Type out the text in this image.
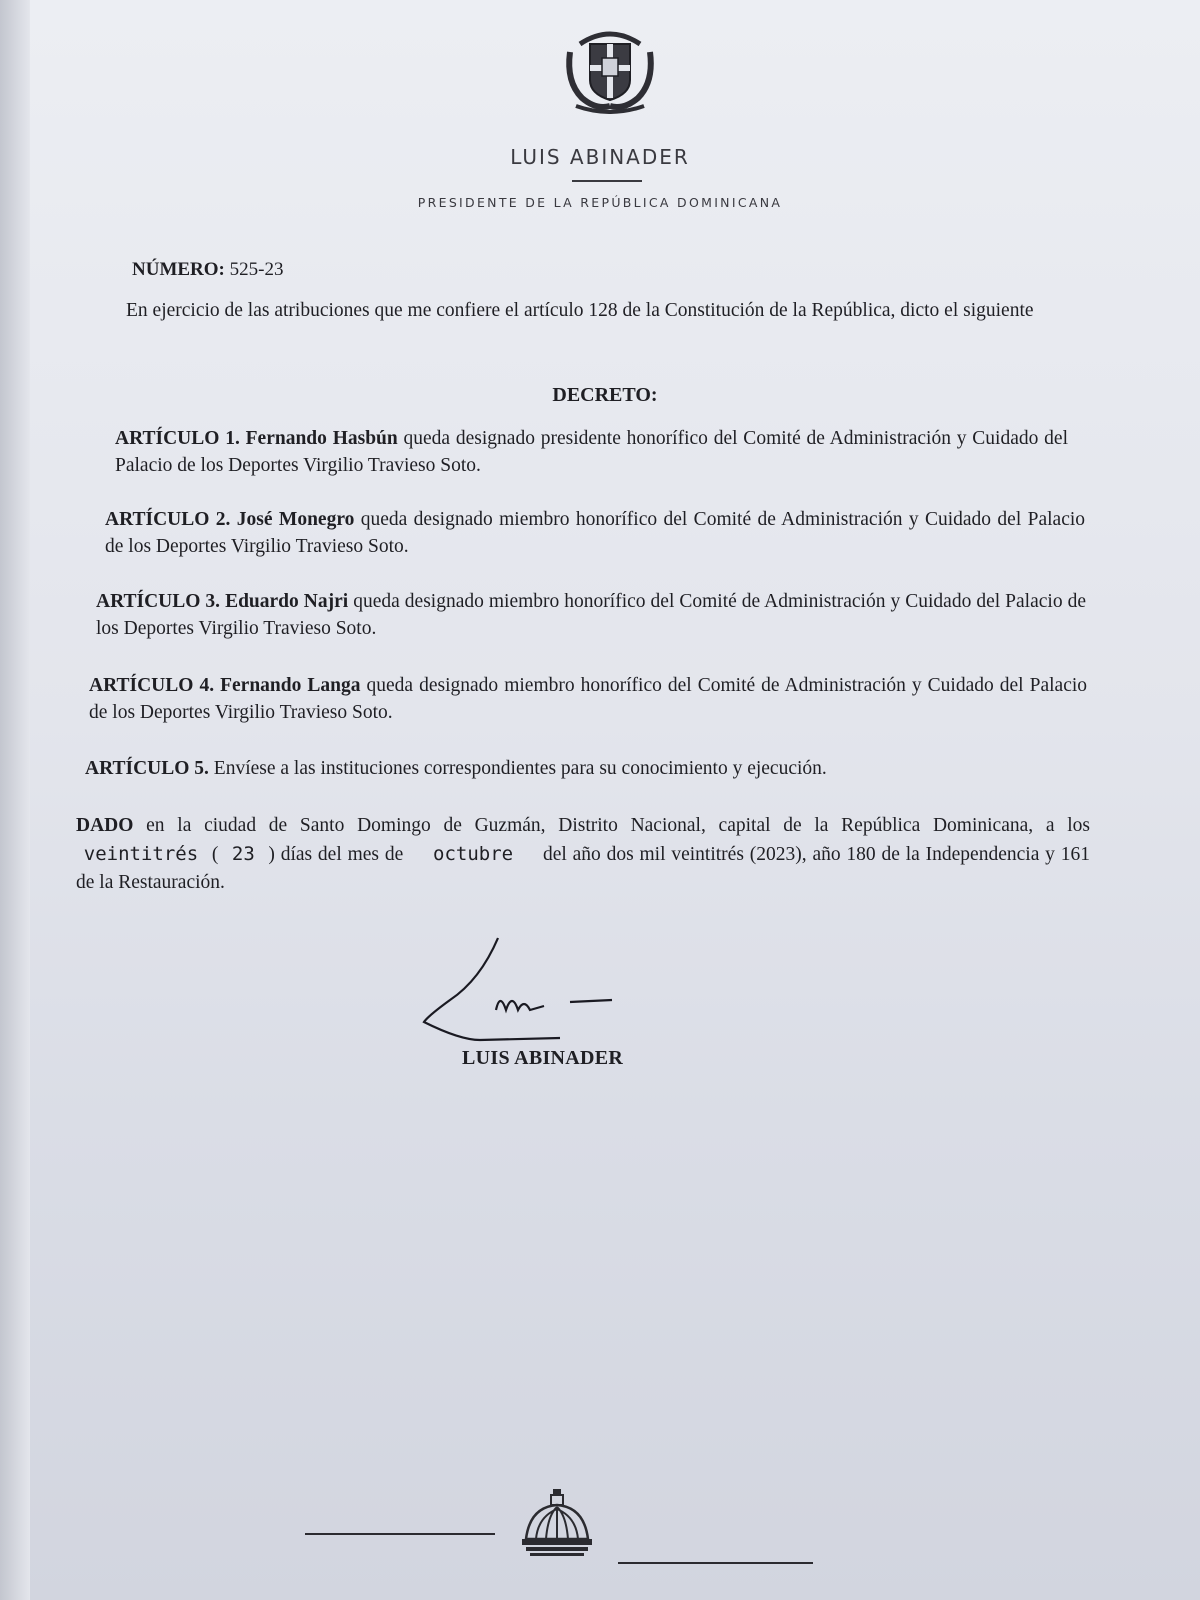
LUIS ABINADER
PRESIDENTE DE LA REPÚBLICA DOMINICANA
NÚMERO: 525-23
En ejercicio de las atribuciones que me confiere el artículo 128 de la Constitución de la República, dicto el siguiente
DECRETO:
ARTÍCULO 1. Fernando Hasbún queda designado presidente honorífico del Comité de Administración y Cuidado del Palacio de los Deportes Virgilio Travieso Soto.
ARTÍCULO 2. José Monegro queda designado miembro honorífico del Comité de Administración y Cuidado del Palacio de los Deportes Virgilio Travieso Soto.
ARTÍCULO 3. Eduardo Najri queda designado miembro honorífico del Comité de Administración y Cuidado del Palacio de los Deportes Virgilio Travieso Soto.
ARTÍCULO 4. Fernando Langa queda designado miembro honorífico del Comité de Administración y Cuidado del Palacio de los Deportes Virgilio Travieso Soto.
ARTÍCULO 5. Envíese a las instituciones correspondientes para su conocimiento y ejecución.
DADO en la ciudad de Santo Domingo de Guzmán, Distrito Nacional, capital de la República Dominicana, a los veintitrés ( 23 ) días del mes de octubre del año dos mil veintitrés (2023), año 180 de la Independencia y 161 de la Restauración.
LUIS ABINADER
